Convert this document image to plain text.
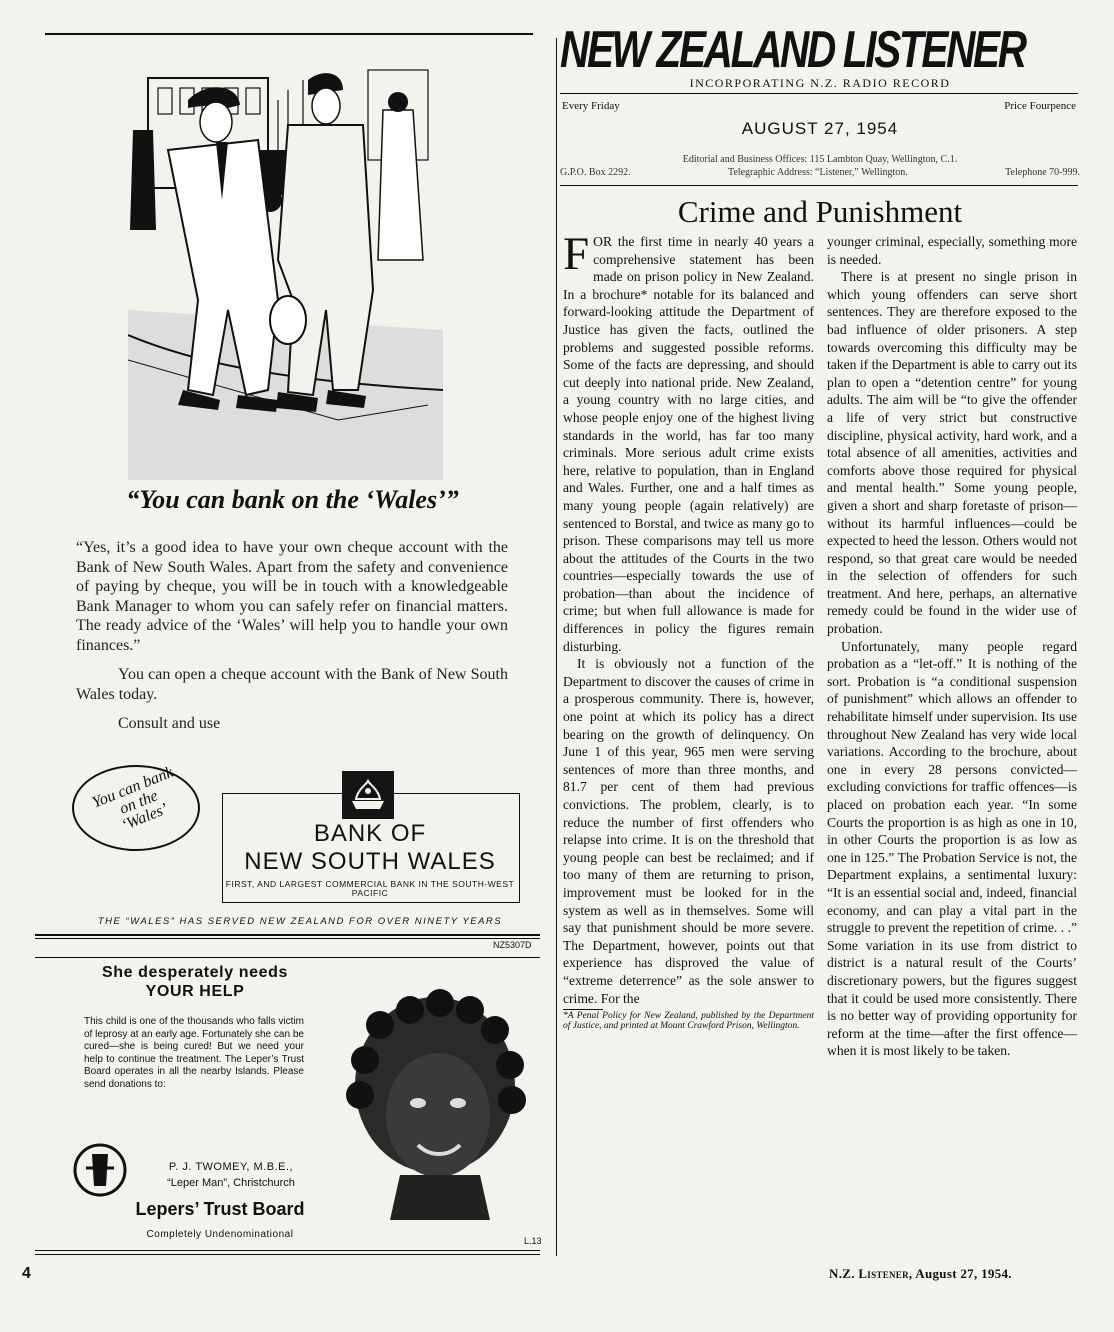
“You can bank on the ‘Wales’”

“Yes, it’s a good idea to have your own cheque account with the Bank of New South Wales. Apart from the safety and convenience of paying by cheque, you will be in touch with a knowledgeable Bank Manager to whom you can safely refer on financial matters. The ready advice of the ‘Wales’ will help you to handle your own finances.”

You can open a cheque account with the Bank of New South Wales today.

Consult and use

You can bank on the ‘Wales’	BANK OF
NEW SOUTH WALES
FIRST, AND LARGEST COMMERCIAL BANK IN THE SOUTH-WEST PACIFIC
THE “WALES” HAS SERVED NEW ZEALAND FOR OVER NINETY YEARS
NZ5307D
She desperately needs
YOUR HELP
This child is one of the thousands who falls victim of leprosy at an early age. Fortunately she can be cured—she is being cured! But we need your help to continue the treatment. The Leper’s Trust Board operates in all the nearby Islands. Please send donations to:
P. J. TWOMEY, M.B.E.,
“Leper Man”, Christchurch
Lepers’ Trust Board
Completely Undenominational
L.13
NEW ZEALAND LISTENER
INCORPORATING N.Z. RADIO RECORD
Every Friday	Price Fourpence
AUGUST 27, 1954
Editorial and Business Offices: 115 Lambton Quay, Wellington, C.1.
G.P.O. Box 2292.	Telegraphic Address: “Listener,” Wellington.	Telephone 70-999.
Crime and Punishment

FOR the first time in nearly 40 years a comprehensive statement has been made on prison policy in New Zealand. In a brochure* notable for its balanced and forward-looking attitude the Department of Justice has given the facts, outlined the problems and suggested possible reforms. Some of the facts are depressing, and should cut deeply into national pride. New Zealand, a young country with no large cities, and whose people enjoy one of the highest living standards in the world, has far too many criminals. More serious adult crime exists here, relative to population, than in England and Wales. Further, one and a half times as many young people (again relatively) are sentenced to Borstal, and twice as many go to prison. These comparisons may tell us more about the attitudes of the Courts in the two countries—especially towards the use of probation—than about the incidence of crime; but when full allowance is made for differences in policy the figures remain disturbing.

It is obviously not a function of the Department to discover the causes of crime in a prosperous community. There is, however, one point at which its policy has a direct bearing on the growth of delinquency. On June 1 of this year, 965 men were serving sentences of more than three months, and 81.7 per cent of them had previous convictions. The problem, clearly, is to reduce the number of first offenders who relapse into crime. It is on the threshold that young people can best be reclaimed; and if too many of them are returning to prison, improvement must be looked for in the system as well as in themselves. Some will say that punishment should be more severe. The Department, however, points out that experience has disproved the value of “extreme deterrence” as the sole answer to crime. For the

*A Penal Policy for New Zealand, published by the Department of Justice, and printed at Mount Crawford Prison, Wellington.

younger criminal, especially, something more is needed.

There is at present no single prison in which young offenders can serve short sentences. They are therefore exposed to the bad influence of older prisoners. A step towards overcoming this difficulty may be taken if the Department is able to carry out its plan to open a “detention centre” for young adults. The aim will be “to give the offender a life of very strict but constructive discipline, physical activity, hard work, and a total absence of all amenities, activities and comforts above those required for physical and mental health.” Some young people, given a short and sharp foretaste of prison—without its harmful influences—could be expected to heed the lesson. Others would not respond, so that great care would be needed in the selection of offenders for such treatment. And here, perhaps, an alternative remedy could be found in the wider use of probation.

Unfortunately, many people regard probation as a “let-off.” It is nothing of the sort. Probation is “a conditional suspension of punishment” which allows an offender to rehabilitate himself under supervision. Its use throughout New Zealand has very wide local variations. According to the brochure, about one in every 28 persons convicted—excluding convictions for traffic offences—is placed on probation each year. “In some Courts the proportion is as high as one in 10, in other Courts the proportion is as low as one in 125.” The Probation Service is not, the Department explains, a sentimental luxury: “It is an essential social and, indeed, financial economy, and can play a vital part in the struggle to prevent the repetition of crime. . .” Some variation in its use from district to district is a natural result of the Courts’ discretionary powers, but the figures suggest that it could be used more consistently. There is no better way of providing opportunity for reform at the time—after the first offence—when it is most likely to be taken.

4	N.Z. Listener, August 27, 1954.
